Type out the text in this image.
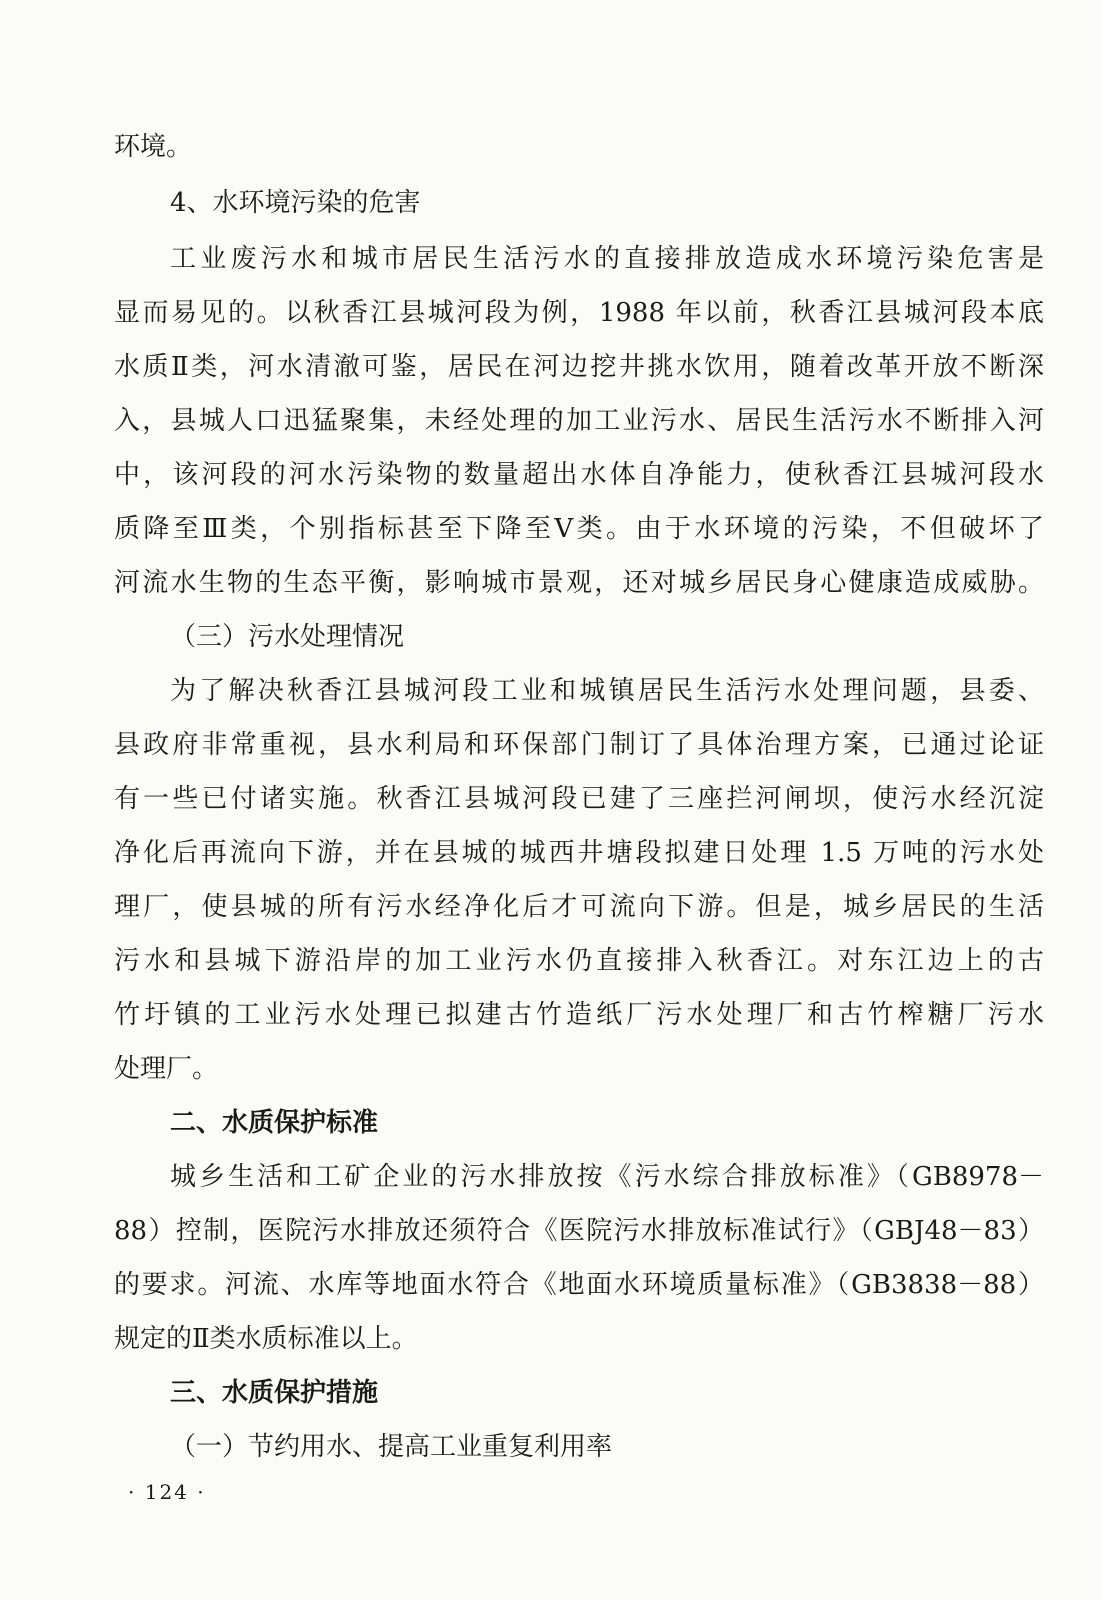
环境。
4、水环境污染的危害
工业废污水和城市居民生活污水的直接排放造成水环境污染危害是
显而易见的。以秋香江县城河段为例，1988 年以前，秋香江县城河段本底
水质Ⅱ类，河水清澈可鉴，居民在河边挖井挑水饮用，随着改革开放不断深
入，县城人口迅猛聚集，未经处理的加工业污水、居民生活污水不断排入河
中，该河段的河水污染物的数量超出水体自净能力，使秋香江县城河段水
质降至Ⅲ类，个别指标甚至下降至Ⅴ类。由于水环境的污染，不但破坏了
河流水生物的生态平衡，影响城市景观，还对城乡居民身心健康造成威胁。
（三）污水处理情况
为了解决秋香江县城河段工业和城镇居民生活污水处理问题，县委、
县政府非常重视，县水利局和环保部门制订了具体治理方案，已通过论证
有一些已付诸实施。秋香江县城河段已建了三座拦河闸坝，使污水经沉淀
净化后再流向下游，并在县城的城西井塘段拟建日处理 1.5 万吨的污水处
理厂，使县城的所有污水经净化后才可流向下游。但是，城乡居民的生活
污水和县城下游沿岸的加工业污水仍直接排入秋香江。对东江边上的古
竹圩镇的工业污水处理已拟建古竹造纸厂污水处理厂和古竹榨糖厂污水
处理厂。
二、水质保护标准
城乡生活和工矿企业的污水排放按《污水综合排放标准》（GB8978－
88）控制，医院污水排放还须符合《医院污水排放标准试行》（GBJ48－83）
的要求。河流、水库等地面水符合《地面水环境质量标准》（GB3838－88）
规定的Ⅱ类水质标准以上。
三、水质保护措施
（一）节约用水、提高工业重复利用率
· 124 ·
